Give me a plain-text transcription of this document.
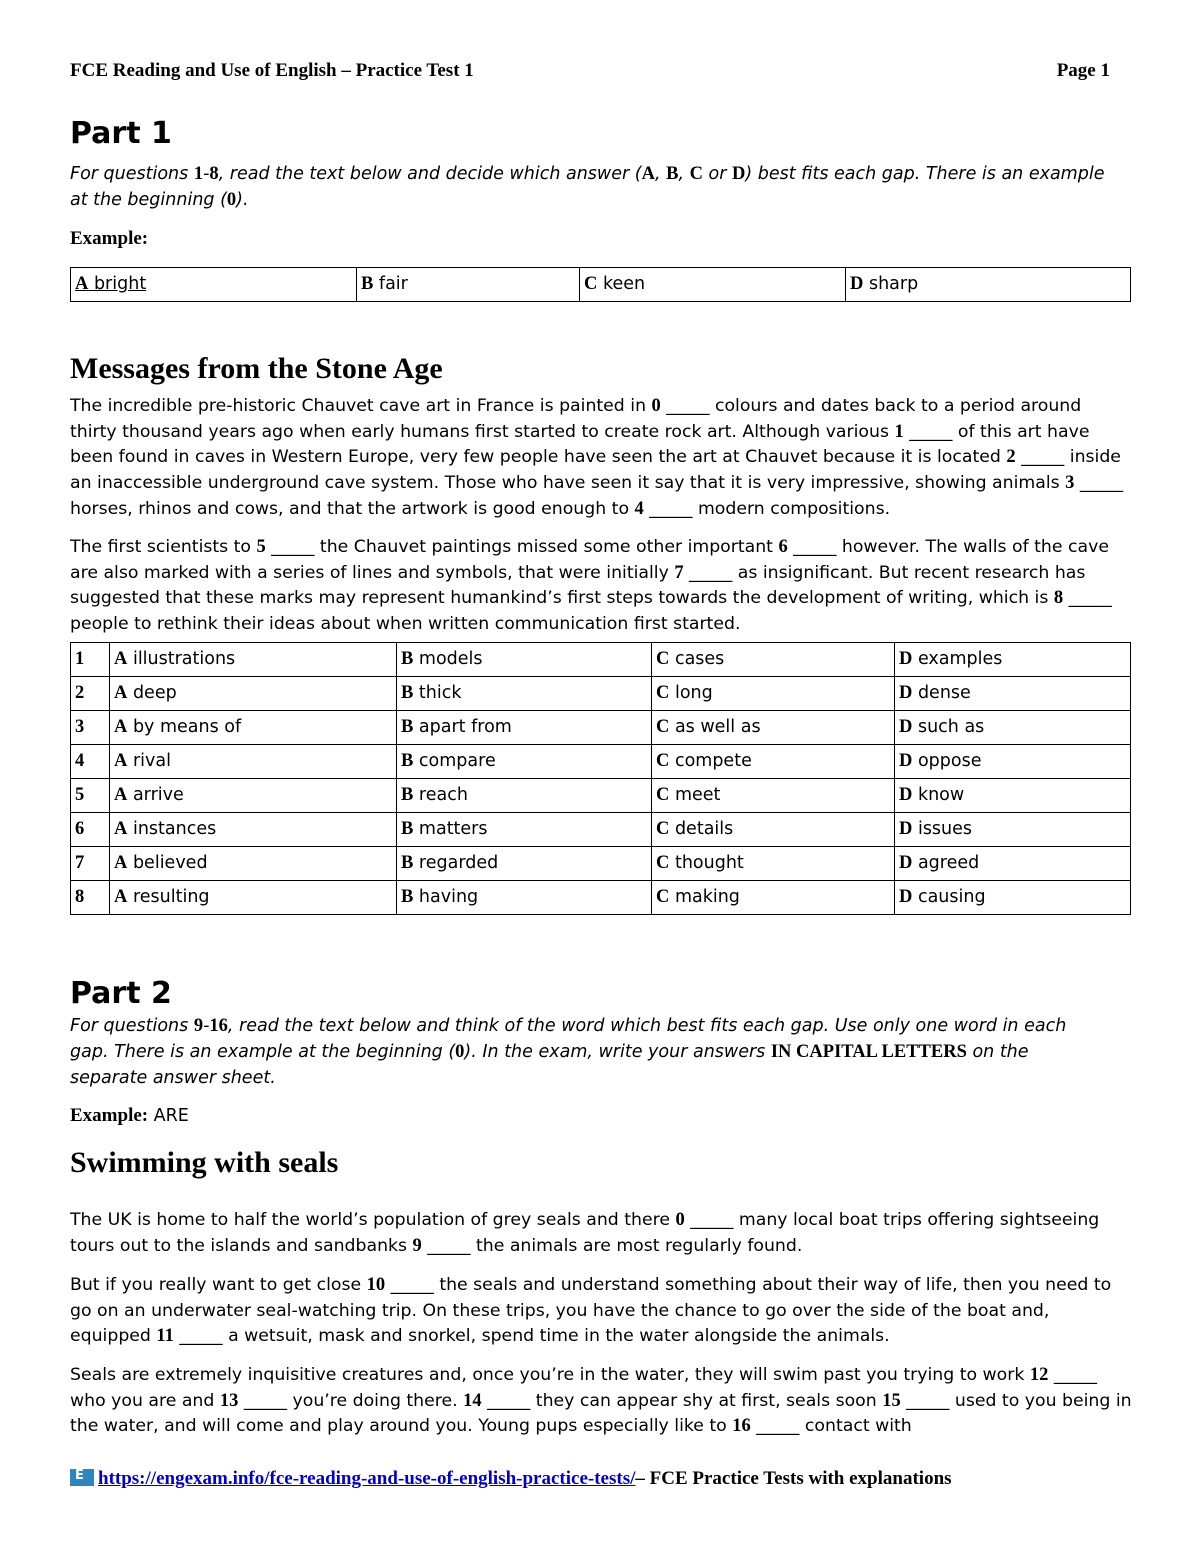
FCE Reading and Use of English – Practice Test 1	Page 1
Part 1
For questions 1-8, read the text below and decide which answer (A, B, C or D) best fits each gap. There is an example at the beginning (0).
Example:
A bright	B fair	C keen	D sharp
Messages from the Stone Age
The incredible pre-historic Chauvet cave art in France is painted in 0 _____ colours and dates back to a period around thirty thousand years ago when early humans first started to create rock art. Although various 1 _____ of this art have been found in caves in Western Europe, very few people have seen the art at Chauvet because it is located 2 _____ inside an inaccessible underground cave system. Those who have seen it say that it is very impressive, showing animals 3 _____ horses, rhinos and cows, and that the artwork is good enough to 4 _____ modern compositions.
The first scientists to 5 _____ the Chauvet paintings missed some other important 6 _____ however. The walls of the cave are also marked with a series of lines and symbols, that were initially 7 _____ as insignificant. But recent research has suggested that these marks may represent humankind’s first steps towards the development of writing, which is 8 _____ people to rethink their ideas about when written communication first started.
1	A illustrations	B models	C cases	D examples
2	A deep	B thick	C long	D dense
3	A by means of	B apart from	C as well as	D such as
4	A rival	B compare	C compete	D oppose
5	A arrive	B reach	C meet	D know
6	A instances	B matters	C details	D issues
7	A believed	B regarded	C thought	D agreed
8	A resulting	B having	C making	D causing
Part 2
For questions 9-16, read the text below and think of the word which best fits each gap. Use only one word in each gap. There is an example at the beginning (0). In the exam, write your answers IN CAPITAL LETTERS on the separate answer sheet.
Example: ARE
Swimming with seals
The UK is home to half the world’s population of grey seals and there 0 _____ many local boat trips offering sightseeing tours out to the islands and sandbanks 9 _____ the animals are most regularly found.
But if you really want to get close 10 _____ the seals and understand something about their way of life, then you need to go on an underwater seal-watching trip. On these trips, you have the chance to go over the side of the boat and, equipped 11 _____ a wetsuit, mask and snorkel, spend time in the water alongside the animals.
Seals are extremely inquisitive creatures and, once you’re in the water, they will swim past you trying to work 12 _____ who you are and 13 _____ you’re doing there. 14 _____ they can appear shy at first, seals soon 15 _____ used to you being in the water, and will come and play around you. Young pups especially like to 16 _____ contact with
Ehttps://engexam.info/fce-reading-and-use-of-english-practice-tests/– FCE Practice Tests with explanations
